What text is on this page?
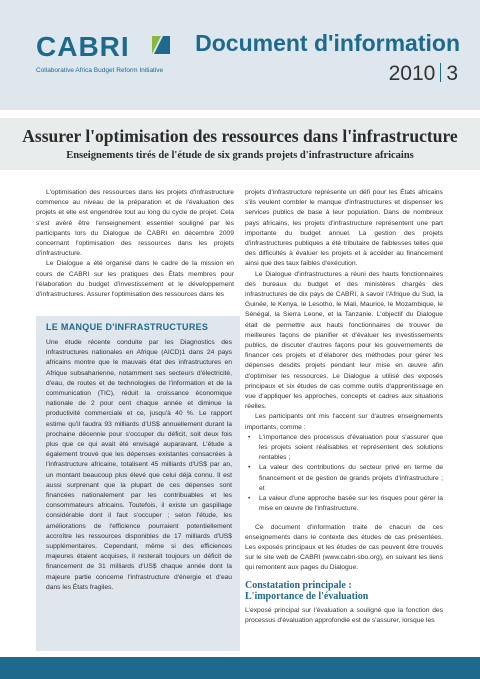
CABRI
Collaborative Africa Budget Reform Initiative
Document d'information
2010 3
Assurer l'optimisation des ressources dans l'infrastructure
Enseignements tirés de l'étude de six grands projets d'infrastructure africains

L'optimisation des ressources dans les projets d'infrastructure commence au niveau de la préparation et de l'évaluation des projets et elle est engendrée tout au long du cycle de projet. Cela s'est avéré être l'enseignement essentiel souligné par les participants lors du Dialogue de CABRI en décembre 2009 concernant l'optimisation des ressources dans les projets d'infrastructure.

Le Dialogue a été organisé dans le cadre de la mission en cours de CABRI sur les pratiques des États membres pour l'élaboration du budget d'investissement et le développement d'infrastructures. Assurer l'optimisation des ressources dans les

LE MANQUE D'INFRASTRUCTURES
Une étude récente conduite par les Diagnostics des infrastructures nationales en Afrique (AICD)1 dans 24 pays africains montre que le mauvais état des infrastructures en Afrique subsaharienne, notamment ses secteurs d'électricité, d'eau, de routes et de technologies de l'information et de la communication (TIC), réduit la croissance économique nationale de 2 pour cent chaque année et diminue la productivité commerciale et ce, jusqu'à 40 %. Le rapport estime qu'il faudra 93 milliards d'US$ annuellement durant la prochaine décennie pour s'occuper du déficit, soit deux fois plus que ce qui avait été envisagé auparavant. L'étude a également trouvé que les dépenses existantes consacrées à l'infrastructure africaine, totalisent 45 milliards d'US$ par an, un montant beaucoup plus élevé que celui déjà connu. Il est aussi surprenant que la plupart de ces dépenses sont financées nationalement par les contribuables et les consommateurs africains. Toutefois, il existe un gaspillage considérable dont il faut s'occuper ; selon l'étude, les améliorations de l'efficience pourraient potentiellement accroître les ressources disponibles de 17 milliards d'US$ supplémentaires. Cependant, même si des efficiences majeures étaient acquises, il resterait toujours un déficit de financement de 31 milliards d'US$ chaque année dont la majeure partie concerne l'infrastructure d'énergie et d'eau dans les États fragiles.

projets d'infrastructure représente un défi pour les États africains s'ils veulent combler le manque d'infrastructures et dispenser les services publics de base à leur population. Dans de nombreux pays africains, les projets d'infrastructure représentent une part importante du budget annuel. La gestion des projets d'infrastructures publiques a été tributaire de faiblesses telles que des difficultés à évaluer les projets et à accéder au financement ainsi que des taux faibles d'exécution.

Le Dialogue d'infrastructures a réuni des hauts fonctionnaires des bureaux du budget et des ministères chargés des infrastructures de dix pays de CABRI, à savoir l'Afrique du Sud, la Guinée, le Kenya, le Lesotho, le Mali, Maurice, le Mozambique, le Sénégal, la Sierra Leone, et la Tanzanie. L'objectif du Dialogue était de permettre aux hauts fonctionnaires de trouver de meilleures façons de planifier et d'évaluer les investissements publics, de discuter d'autres façons pour les gouvernements de financer ces projets et d'élaborer des méthodes pour gérer les dépenses desdits projets pendant leur mise en œuvre afin d'optimiser les ressources. Le Dialogue a utilisé des exposés principaux et six études de cas comme outils d'apprentissage en vue d'appliquer les approches, concepts et cadres aux situations réelles.

Les participants ont mis l'accent sur d'autres enseignements importants, comme :

• L'importance des processus d'évaluation pour s'assurer que les projets soient réalisables et représentent des solutions rentables ;
• La valeur des contributions du secteur privé en terme de financement et de gestion de grands projets d'infrastructure ; et
• La valeur d'une approche basée sur les risques pour gérer la mise en œuvre de l'infrastructure.

Ce document d'information traite de chacun de ces enseignements dans le contexte des études de cas présentées. Les exposés principaux et les études de cas peuvent être trouvés sur le site web de CABRI (www.cabri-sbo.org), en suivant les liens qui remontent aux pages du Dialogue.

Constatation principale :
L'importance de l'évaluation

L'exposé principal sur l'évaluation a souligné que la fonction des processus d'évaluation approfondie est de s'assurer, lorsque les
